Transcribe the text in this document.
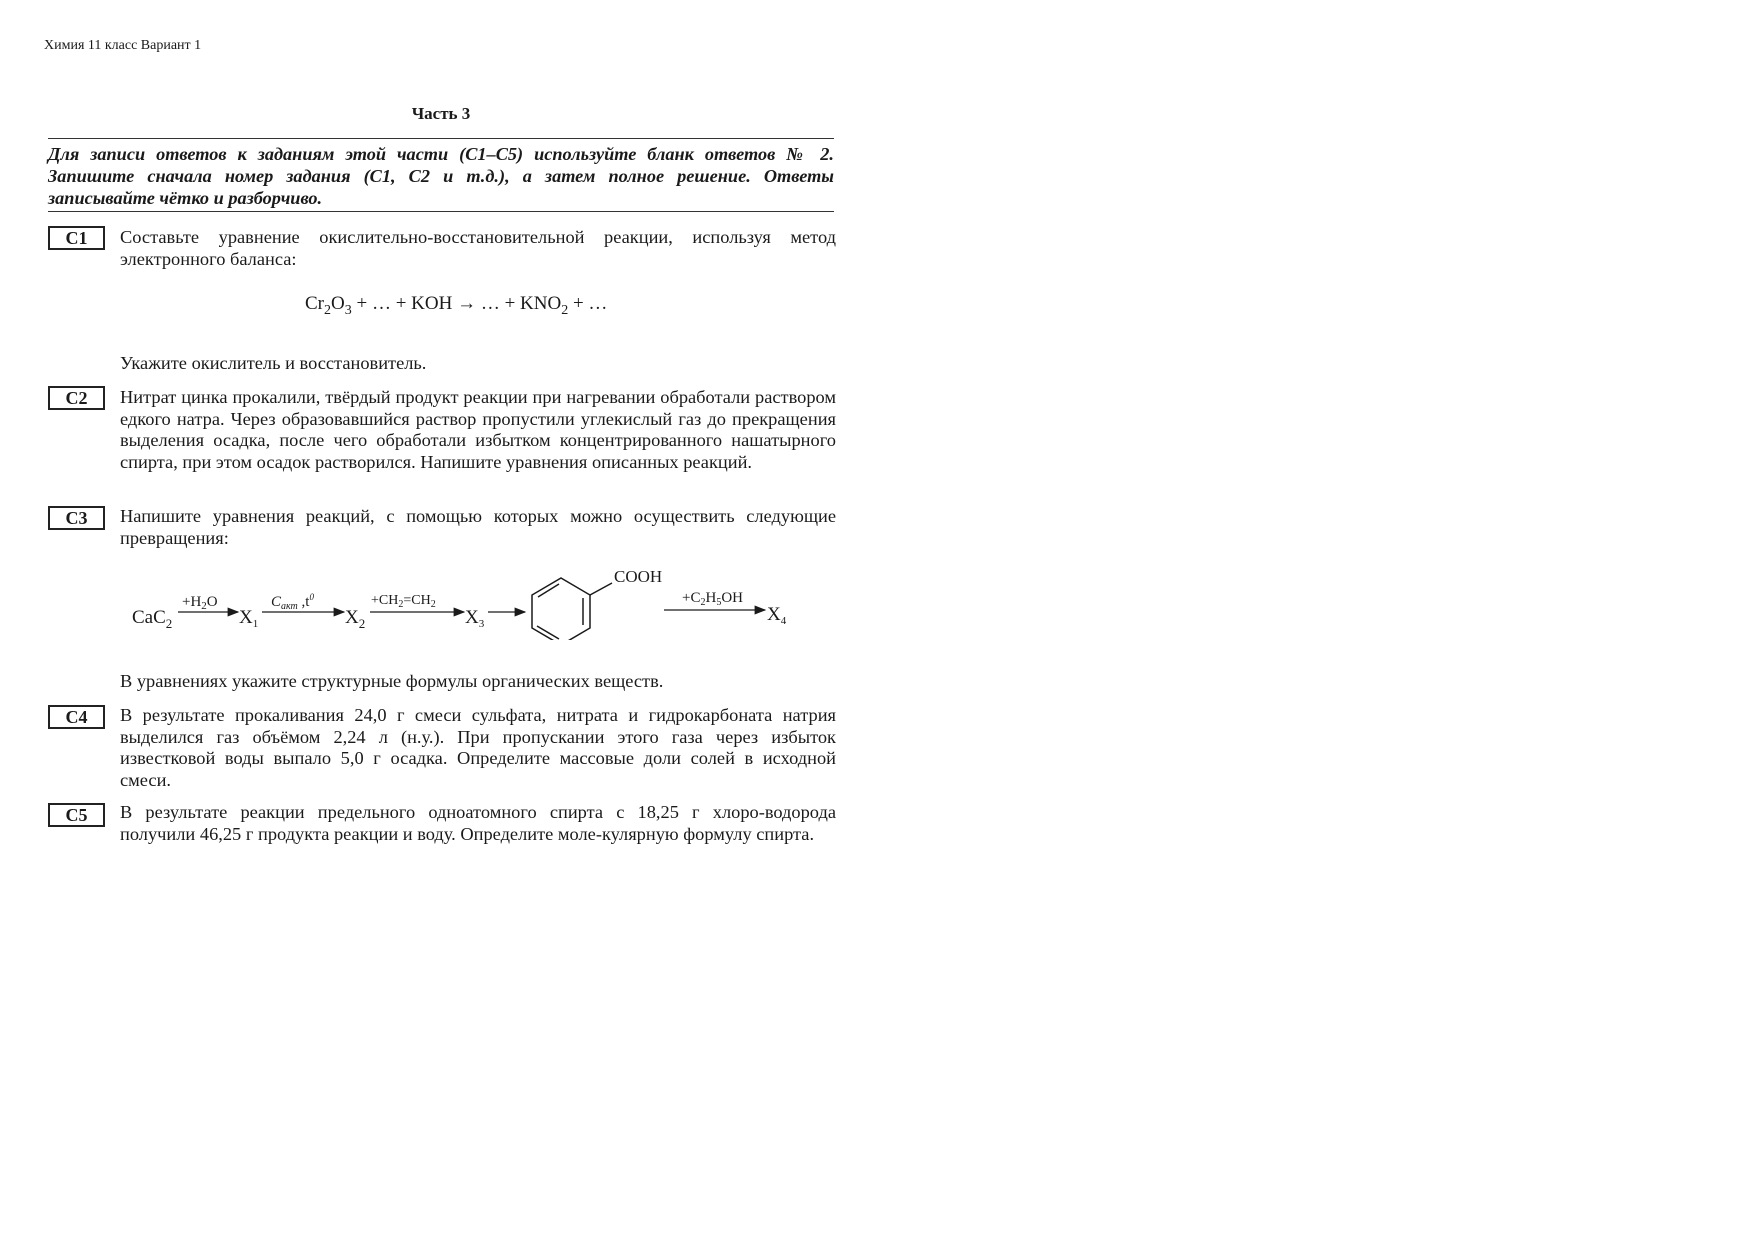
Химия 11 класс Вариант 1
Часть 3
Для записи ответов к заданиям этой части (С1–С5) используйте бланк ответов № 2. Запишите сначала номер задания (С1, С2 и т.д.), а затем полное решение. Ответы записывайте чётко и разборчиво.
С1	Составьте уравнение окислительно-восстановительной реакции, используя метод электронного баланса:
$Cr_2O_3$ + … + KOH → … + $KNO_2$ + …
Укажите окислитель и восстановитель.
С2	Нитрат цинка прокалили, твёрдый продукт реакции при нагревании обработали раствором едкого натра. Через образовавшийся раствор пропустили углекислый газ до прекращения выделения осадка, после чего обработали избытком концентрированного нашатырного спирта, при этом осадок растворился. Напишите уравнения описанных реакций.
С3	Напишите уравнения реакций, с помощью которых можно осуществить следующие превращения:
CaC$_2$
$+H_2O$
$X_1$
$C_{акт}$ $,t^0$
$X_2$
$+CH_2=CH_2$
$X_3$
COOH
$+C_2H_5OH$
$X_4$
В уравнениях укажите структурные формулы органических веществ.
С4	В результате прокаливания 24,0 г смеси сульфата, нитрата и гидрокарбоната натрия выделился газ объёмом 2,24 л (н.у.). При пропускании этого газа через избыток известковой воды выпало 5,0 г осадка. Определите массовые доли солей в исходной смеси.
С5	В результате реакции предельного одноатомного спирта с 18,25 г хлоро-водорода получили 46,25 г продукта реакции и воду. Определите моле-кулярную формулу спирта.
